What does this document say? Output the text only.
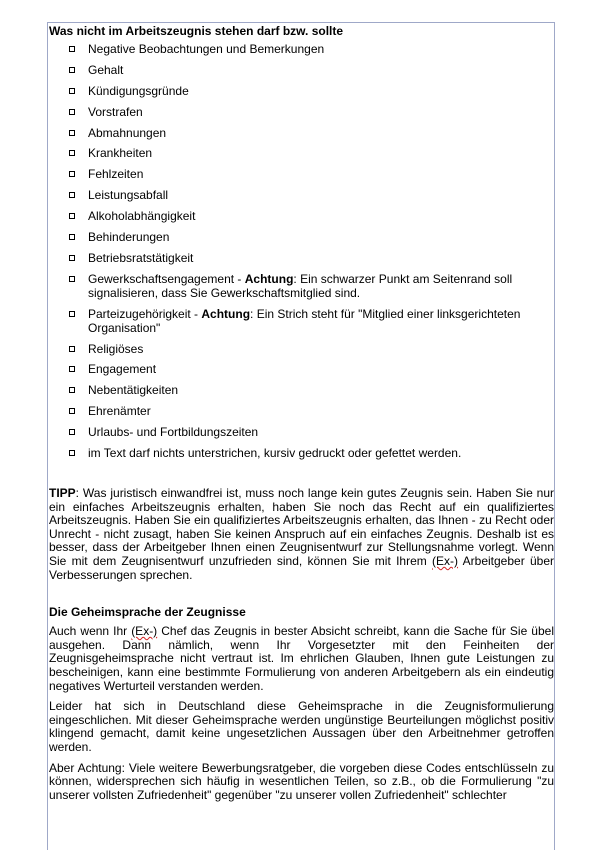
Was nicht im Arbeitszeugnis stehen darf bzw. sollte

Negative Beobachtungen und Bemerkungen
Gehalt
Kündigungsgründe
Vorstrafen
Abmahnungen
Krankheiten
Fehlzeiten
Leistungsabfall
Alkoholabhängigkeit
Behinderungen
Betriebsratstätigkeit
Gewerkschaftsengagement - Achtung: Ein schwarzer Punkt am Seitenrand soll signalisieren, dass Sie Gewerkschaftsmitglied sind.
Parteizugehörigkeit - Achtung: Ein Strich steht für "Mitglied einer linksgerichteten Organisation"
Religiöses
Engagement
Nebentätigkeiten
Ehrenämter
Urlaubs- und Fortbildungszeiten
im Text darf nichts unterstrichen, kursiv gedruckt oder gefettet werden.

TIPP: Was juristisch einwandfrei ist, muss noch lange kein gutes Zeugnis sein. Haben Sie nur ein einfaches Arbeitszeugnis erhalten, haben Sie noch das Recht auf ein qualifiziertes Arbeitszeugnis. Haben Sie ein qualifiziertes Arbeitszeugnis erhalten, das Ihnen - zu Recht oder Unrecht - nicht zusagt, haben Sie keinen Anspruch auf ein einfaches Zeugnis. Deshalb ist es besser, dass der Arbeitgeber Ihnen einen Zeugnisentwurf zur Stellungsnahme vorlegt. Wenn Sie mit dem Zeugnisentwurf unzufrieden sind, können Sie mit Ihrem (Ex-) Arbeitgeber über Verbesserungen sprechen.

Die Geheimsprache der Zeugnisse

Auch wenn Ihr (Ex-) Chef das Zeugnis in bester Absicht schreibt, kann die Sache für Sie übel ausgehen. Dann nämlich, wenn Ihr Vorgesetzter mit den Feinheiten der Zeugnisgeheimsprache nicht vertraut ist. Im ehrlichen Glauben, Ihnen gute Leistungen zu bescheinigen, kann eine bestimmte Formulierung von anderen Arbeitgebern als ein eindeutig negatives Werturteil verstanden werden.

Leider hat sich in Deutschland diese Geheimsprache in die Zeugnisformulierung eingeschlichen. Mit dieser Geheimsprache werden ungünstige Beurteilungen möglichst positiv klingend gemacht, damit keine ungesetzlichen Aussagen über den Arbeitnehmer getroffen werden.

Aber Achtung: Viele weitere Bewerbungsratgeber, die vorgeben diese Codes entschlüsseln zu können, widersprechen sich häufig in wesentlichen Teilen, so z.B., ob die Formulierung "zu unserer vollsten Zufriedenheit" gegenüber "zu unserer vollen Zufriedenheit" schlechter
